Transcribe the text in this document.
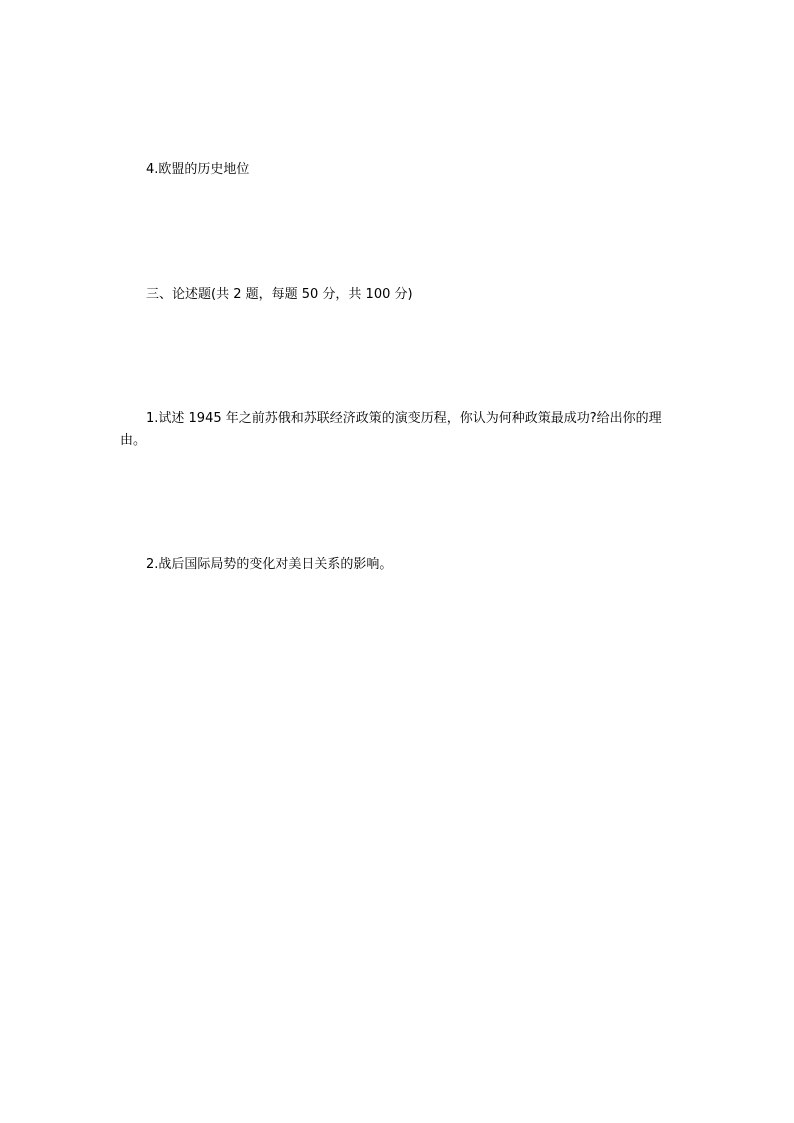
　　4.欧盟的历史地位
　　三、论述题(共 2 题，每题 50 分，共 100 分)
　　1.试述 1945 年之前苏俄和苏联经济政策的演变历程，你认为何种政策最成功?给出你的理由。
　　2.战后国际局势的变化对美日关系的影响。
